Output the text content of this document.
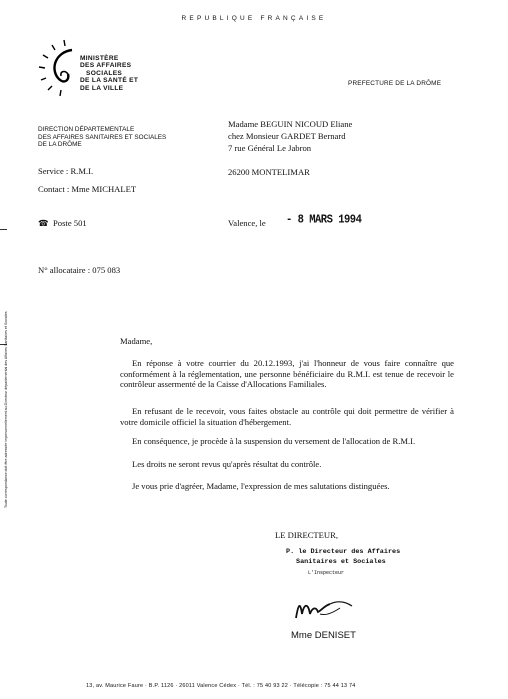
REPUBLIQUE FRANÇAISE
MINISTÈRE
DES AFFAIRES
SOCIALES
DE LA SANTÉ ET
DE LA VILLE
PREFECTURE DE LA DRÔME
DIRECTION DÉPARTEMENTALE
DES AFFAIRES SANITAIRES ET SOCIALES
DE LA DRÔME
Madame BEGUIN NICOUD Eliane
chez Monsieur GARDET Bernard
7 rue Général Le Jabron

26200 MONTELIMAR
Service : R.M.I.
Contact : Mme MICHALET
☎ Poste 501	Valence, le - 8 MARS 1994
N° allocataire : 075 083
Madame,

En réponse à votre courrier du 20.12.1993, j'ai l'honneur de vous faire connaître que conformément à la réglementation, une personne bénéficiaire du R.M.I. est tenue de recevoir le contrôleur assermenté de la Caisse d'Allocations Familiales.

En refusant de le recevoir, vous faites obstacle au contrôle qui doit permettre de vérifier à votre domicile officiel la situation d'hébergement.

En conséquence, je procède à la suspension du versement de l'allocation de R.M.I.

Les droits ne seront revus qu'après résultat du contrôle.

Je vous prie d'agréer, Madame, l'expression de mes salutations distinguées.

LE DIRECTEUR,
P. le Directeur des Affaires
Sanitaires et Sociales
L'Inspecteur
Mme DENISET
13, av. Maurice Faure · B.P. 1126 · 26011 Valence Cédex · Tél. : 75 40 93 22 · Télécopie : 75 44 13 74
Toute correspondance doit être adressée impersonnellement au Directeur départemental des Affaires Sanitaires et Sociales
